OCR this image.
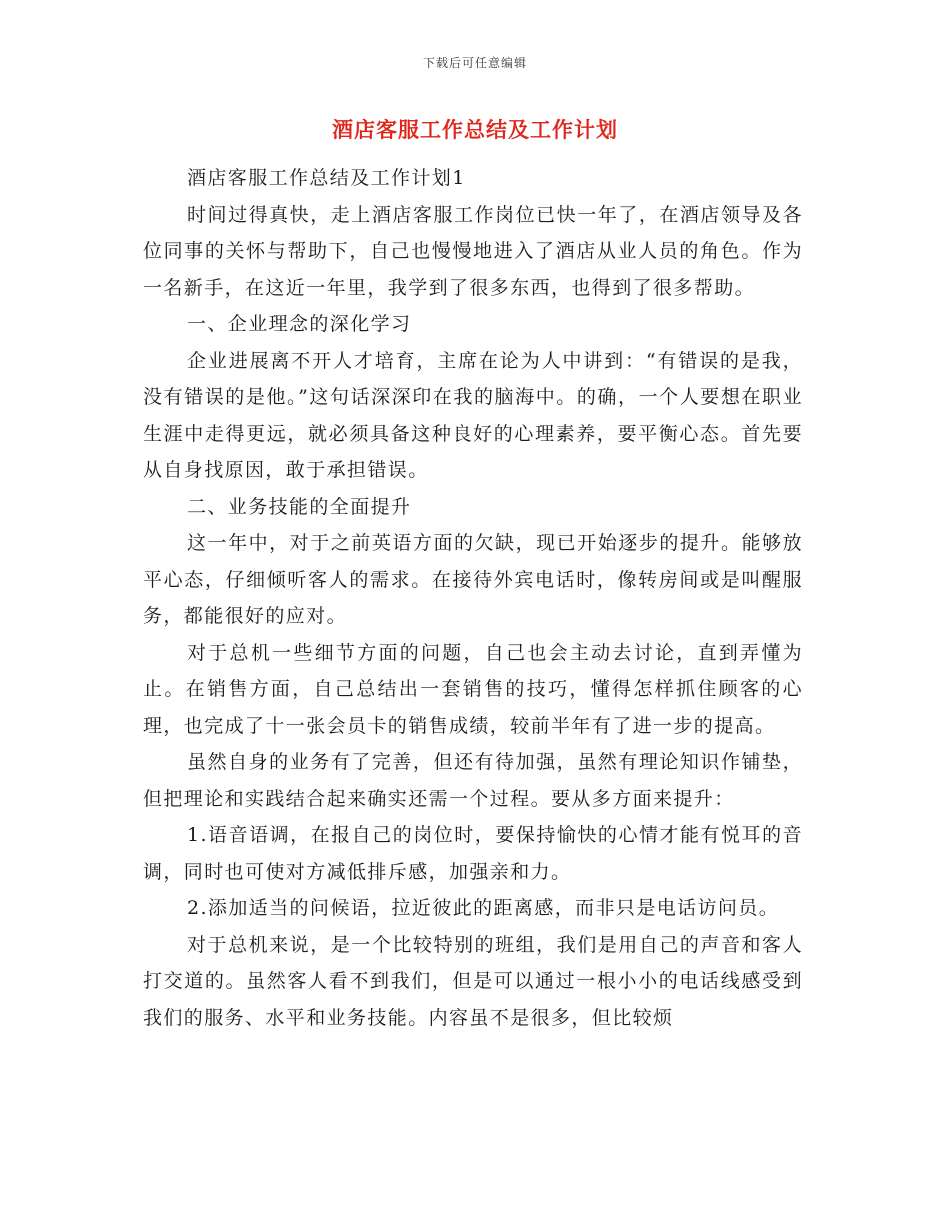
下载后可任意编辑
酒店客服工作总结及工作计划

酒店客服工作总结及工作计划1

时间过得真快，走上酒店客服工作岗位已快一年了，在酒店领导及各位同事的关怀与帮助下，自己也慢慢地进入了酒店从业人员的角色。作为一名新手，在这近一年里，我学到了很多东西，也得到了很多帮助。

一、企业理念的深化学习

企业进展离不开人才培育，主席在论为人中讲到：“有错误的是我，没有错误的是他。”这句话深深印在我的脑海中。的确，一个人要想在职业生涯中走得更远，就必须具备这种良好的心理素养，要平衡心态。首先要从自身找原因，敢于承担错误。

二、业务技能的全面提升

这一年中，对于之前英语方面的欠缺，现已开始逐步的提升。能够放平心态，仔细倾听客人的需求。在接待外宾电话时，像转房间或是叫醒服务，都能很好的应对。

对于总机一些细节方面的问题，自己也会主动去讨论，直到弄懂为止。在销售方面，自己总结出一套销售的技巧，懂得怎样抓住顾客的心理，也完成了十一张会员卡的销售成绩，较前半年有了进一步的提高。

虽然自身的业务有了完善，但还有待加强，虽然有理论知识作铺垫，但把理论和实践结合起来确实还需一个过程。要从多方面来提升：

1.语音语调，在报自己的岗位时，要保持愉快的心情才能有悦耳的音调，同时也可使对方减低排斥感，加强亲和力。

2.添加适当的问候语，拉近彼此的距离感，而非只是电话访问员。

对于总机来说，是一个比较特别的班组，我们是用自己的声音和客人打交道的。虽然客人看不到我们，但是可以通过一根小小的电话线感受到我们的服务、水平和业务技能。内容虽不是很多，但比较烦
